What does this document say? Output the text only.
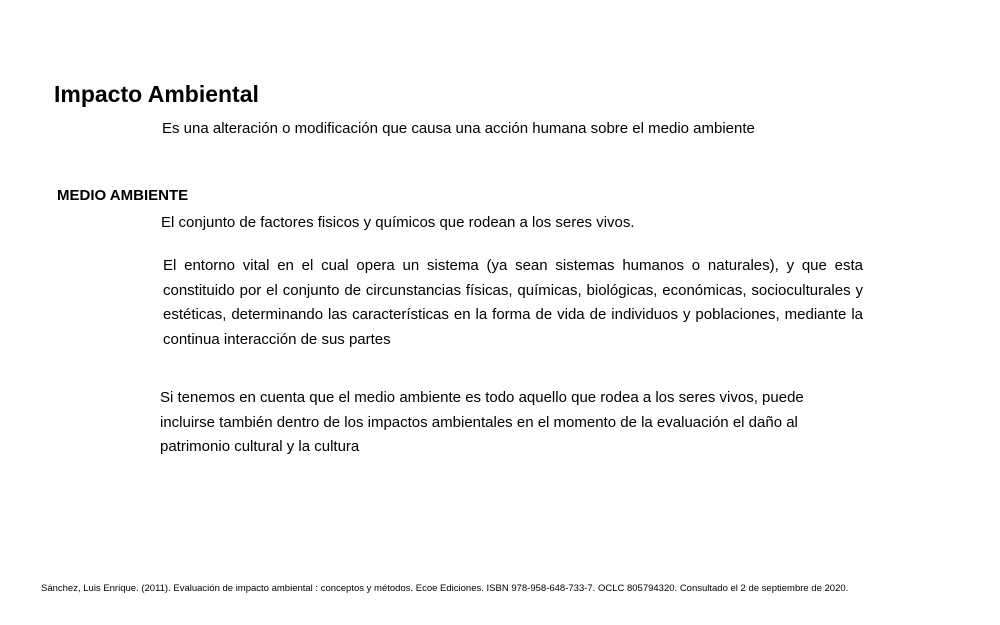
Impacto Ambiental

Es una alteración o modificación que causa una acción humana sobre el medio ambiente

MEDIO AMBIENTE

El conjunto de factores fisicos y químicos que rodean a los seres vivos.

El entorno vital en el cual opera un sistema (ya sean sistemas humanos o naturales), y que esta constituido por el conjunto de circunstancias físicas, químicas, biológicas, económicas, socioculturales y estéticas, determinando las características en la forma de vida de individuos y poblaciones, mediante la continua interacción de sus partes

Si tenemos en cuenta que el medio ambiente es todo aquello que rodea a los seres vivos, puede incluirse también dentro de los impactos ambientales en el momento de la evaluación el daño al patrimonio cultural y la cultura

Sánchez, Luis Enrique. (2011). Evaluación de impacto ambiental : conceptos y métodos. Ecoe Ediciones. ISBN 978-958-648-733-7. OCLC 805794320. Consultado el 2 de septiembre de 2020.
